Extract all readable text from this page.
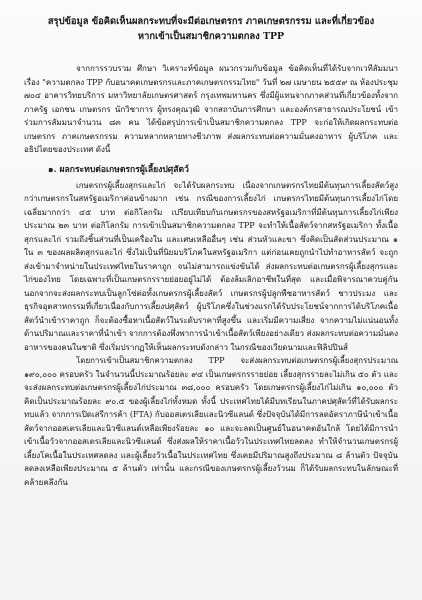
สรุปข้อมูล ข้อคิดเห็นผลกระทบที่จะมีต่อเกษตรกร ภาคเกษตรกรรม และที่เกี่ยวข้อง
หากเข้าเป็นสมาชิกความตกลง TPP

จากการรวบรวม ศึกษา วิเคราะห์ข้อมูล ผนวกรวมกับข้อมูล ข้อคิดเห็นที่ได้รับจากเวทีสัมมนา เรื่อง "ความตกลง TPP กับอนาคตเกษตรกรและภาคเกษตรกรรมไทย" วันที่ ๒๗ เมษายน ๒๕๕๙ ณ ห้องประชุม ๗๐๔ อาคารวิทยบริการ มหาวิทยาลัยเกษตรศาสตร์ กรุงเทพมหานคร ซึ่งมีผู้แทนจากภาคส่วนที่เกี่ยวข้องทั้งจากภาครัฐ เอกชน เกษตรกร นักวิชาการ ผู้ทรงคุณวุฒิ จากสถาบันการศึกษา และองค์กรสาธารณประโยชน์ เข้าร่วมการสัมมนาจำนวน ๘๓ คน ได้ข้อสรุปการเข้าเป็นสมาชิกความตกลง TPP จะก่อให้เกิดผลกระทบต่อเกษตรกร ภาคเกษตรกรรม ความหลากหลายทางชีวภาพ ส่งผลกระทบต่อความมั่นคงอาหาร ผู้บริโภค และอธิปไตยของประเทศ ดังนี้

๑. ผลกระทบต่อเกษตรกรผู้เลี้ยงปศุสัตว์

เกษตรกรผู้เลี้ยงสุกรและไก่ จะได้รับผลกระทบ เนื่องจากเกษตรกรไทยมีต้นทุนการเลี้ยงสัตว์สูงกว่าเกษตรกรในสหรัฐอเมริกาค่อนข้างมาก เช่น กรณีของการเลี้ยงไก่ เกษตรกรไทยมีต้นทุนการเลี้ยงไก่โดยเฉลี่ยมากกว่า ๔๕ บาท ต่อกิโลกรัม เปรียบเทียบกับเกษตรกรของสหรัฐอเมริกาที่มีต้นทุนการเลี้ยงไก่เพียงประมาณ ๒๓ บาท ต่อกิโลกรัม การเข้าเป็นสมาชิกความตกลง TPP จะทำให้เนื้อสัตว์จากสหรัฐอเมริกา ทั้งเนื้อสุกรและไก่ รวมถึงชิ้นส่วนที่เป็นเครื่องใน และเศษเหลืออื่นๆ เช่น ส่วนหัวและขา ซึ่งคิดเป็นสัดส่วนประมาณ ๑ ใน ๓ ของผลผลิตสุกรและไก่ ซึ่งไม่เป็นที่นิยมบริโภคในสหรัฐอเมริกา แต่ก่อนเคยถูกนำไปทำอาหารสัตว์ จะถูกส่งเข้ามาจำหน่ายในประเทศไทยในราคาถูก จนไม่สามารถแข่งขันได้ ส่งผลกระทบต่อเกษตรกรผู้เลี้ยงสุกรและไก่ของไทย โดยเฉพาะที่เป็นเกษตรกรรายย่อยอยู่ไม่ได้ ต้องล้มเลิกอาชีพในที่สุด และเมื่อพิจารณาควบคู่กัน นอกจากจะส่งผลกระทบเป็นลูกโซ่ต่อทั้งเกษตรกรผู้เลี้ยงสัตว์ เกษตรกรผู้ปลูกพืชอาหารสัตว์ ชาวประมง และธุรกิจอุตสาหกรรมที่เกี่ยวเนื่องกับการเลี้ยงปศุสัตว์ ผู้บริโภคซึ่งในช่วงแรกได้รับประโยชน์จากการได้บริโภคเนื้อสัตว์นำเข้าราคาถูก ก็จะต้องซื้อหาเนื้อสัตว์ในระดับราคาที่สูงขึ้น และเริ่มมีความเสี่ยง จากความไม่แน่นอนทั้งด้านปริมาณและราคาที่นำเข้า จากการต้องพึ่งพาการนำเข้าเนื้อสัตว์เพียงอย่างเดียว ส่งผลกระทบต่อความมั่นคงอาหารของคนในชาติ ซึ่งเริ่มปรากฏให้เห็นผลกระทบดังกล่าว ในกรณีของเวียดนามและฟิลิปปินส์

โดยการเข้าเป็นสมาชิกความตกลง TPP จะส่งผลกระทบต่อเกษตรกรผู้เลี้ยงสุกรประมาณ ๑๙๐,๐๐๐ ครอบครัว ในจำนวนนี้ประมาณร้อยละ ๙๔ เป็นเกษตรกรรายย่อย เลี้ยงสุกรรายละไม่เกิน ๕๐ ตัว และจะส่งผลกระทบต่อเกษตรกรผู้เลี้ยงไก่ประมาณ ๓๘,๐๐๐ ครอบครัว โดยเกษตรกรผู้เลี้ยงไก่ไม่เกิน ๑๐,๐๐๐ ตัว คิดเป็นประมาณร้อยละ ๙๐.๕ ของผู้เลี้ยงไก่ทั้งหมด ทั้งนี้ ประเทศไทยได้มีบทเรียนในภาคปศุสัตว์ที่ได้รับผลกระทบแล้ว จากการเปิดเสรีการค้า (FTA) กับออสเตรเลียและนิวซีแลนด์ ซึ่งปัจจุบันได้มีการลดอัตราภาษีนำเข้าเนื้อสัตว์จากออสเตรเลียและนิวซีแลนด์เหลือเพียงร้อยละ ๑๐ และจะลดเป็นศูนย์ในอนาคตอันใกล้ โดยได้มีการนำเข้าเนื้อวัวจากออสเตรเลียและนิวซีแลนด์ ซึ่งส่งผลให้ราคาเนื้อวัวในประเทศไทยลดลง ทำให้จำนวนเกษตรกรผู้เลี้ยงโคเนื้อในประเทศลดลง และผู้เลี้ยงวัวเนื้อในประเทศไทย ซึ่งเคยมีปริมาณสูงถึงประมาณ ๘ ล้านตัว ปัจจุบันลดลงเหลือเพียงประมาณ ๕ ล้านตัว เท่านั้น และกรณีของเกษตรกรผู้เลี้ยงวัวนม ก็ได้รับผลกระทบในลักษณะที่คล้ายคลึงกัน
